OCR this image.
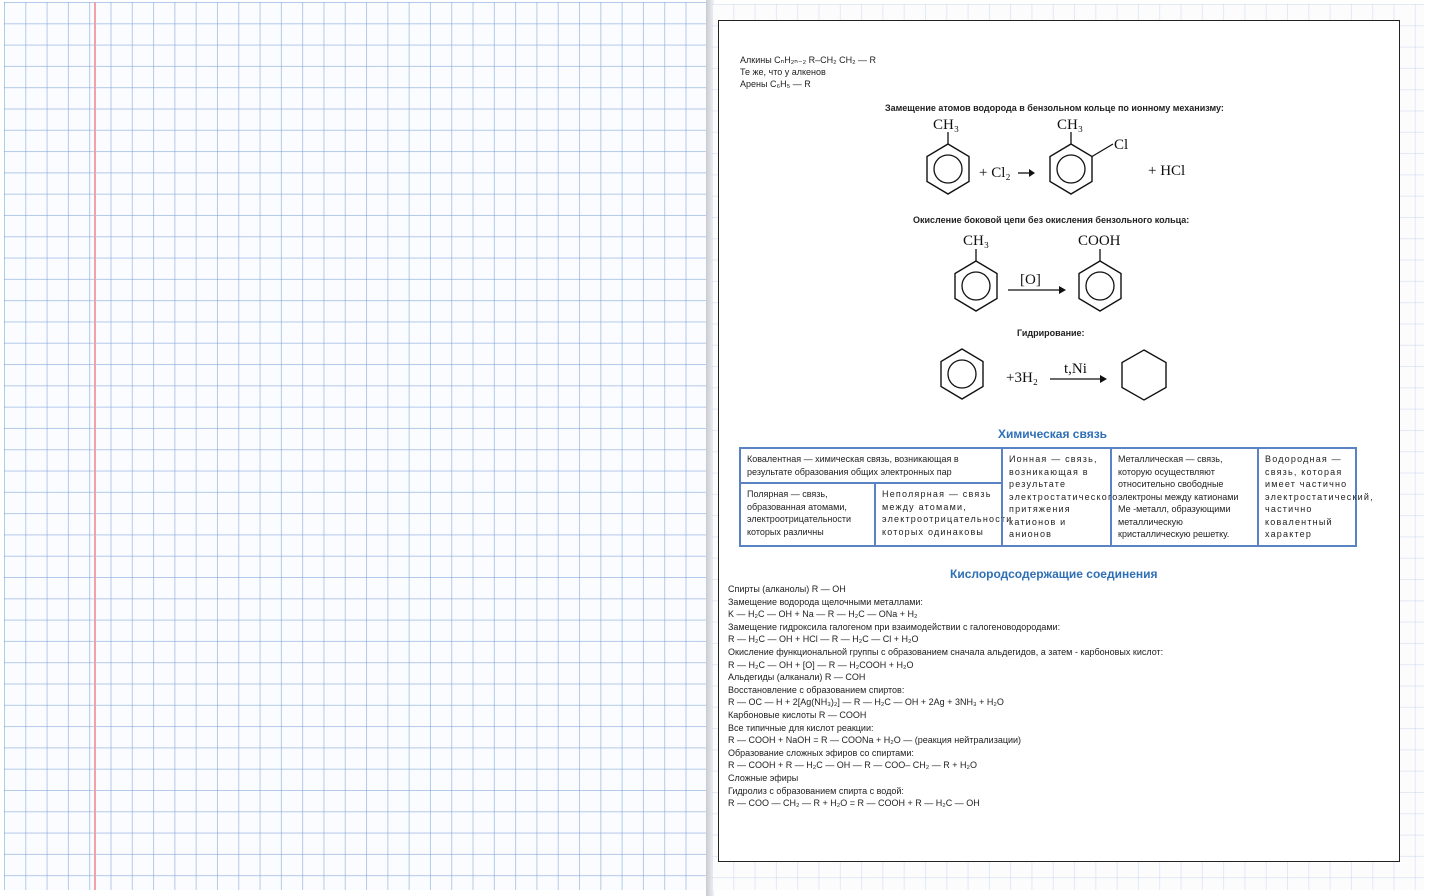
Алкины CₙH₂ₙ₋₂ R–CH₂ CH₂ — R
Те же, что у алкенов
Арены C₆H₅ — R
Замещение атомов водорода в бензольном кольце по ионному механизму:
CH₃
+ Cl₂
CH₃
Cl
+ HCl
Окисление боковой цепи без окисления бензольного кольца:
CH₃
[O]
COOH
Гидрирование:
+3H₂
t,Ni
Химическая связь
Ковалентная — химическая связь, возникающая в результате образования общих электронных пар
Полярная — связь, образованная атомами, электроотрицательности которых различны
Неполярная — связь между атомами, электроотрицательности которых одинаковы
Ионная — связь, возникающая в результате электростатического притяжения катионов и анионов
Металлическая — связь, которую осуществляют относительно свободные электроны между катионами Ме -металл, образующими металлическую кристаллическую решетку.
Водородная — связь, которая имеет частично электростатический, частично ковалентный характер
Кислородсодержащие соединения
Спирты (алканолы) R — OH
Замещение водорода щелочными металлами:
K — H₂C — OH + Na — R — H₂C — ONa + H₂
Замещение гидроксила галогеном при взаимодействии с галогеноводородами:
R — H₂C — OH + HCl — R — H₂C — Cl + H₂O
Окисление функциональной группы с образованием сначала альдегидов, а затем - карбоновых кислот:
R — H₂C — OH + [O] — R — H₂COOH + H₂O
Альдегиды (алканали) R — COH
Восстановление с образованием спиртов:
R — OC — H + 2[Ag(NH₃)₂] — R — H₂C — OH + 2Ag + 3NH₃ + H₂O
Карбоновые кислоты R — COOH
Все типичные для кислот реакции:
R — COOH + NaOH = R — COONa + H₂O — (реакция нейтрализации)
Образование сложных эфиров со спиртами:
R — COOH + R — H₂C — OH — R — COO– CH₂ — R + H₂O
Сложные эфиры
Гидролиз с образованием спирта с водой:
R — COO — CH₂ — R + H₂O = R — COOH + R — H₂C — OH
